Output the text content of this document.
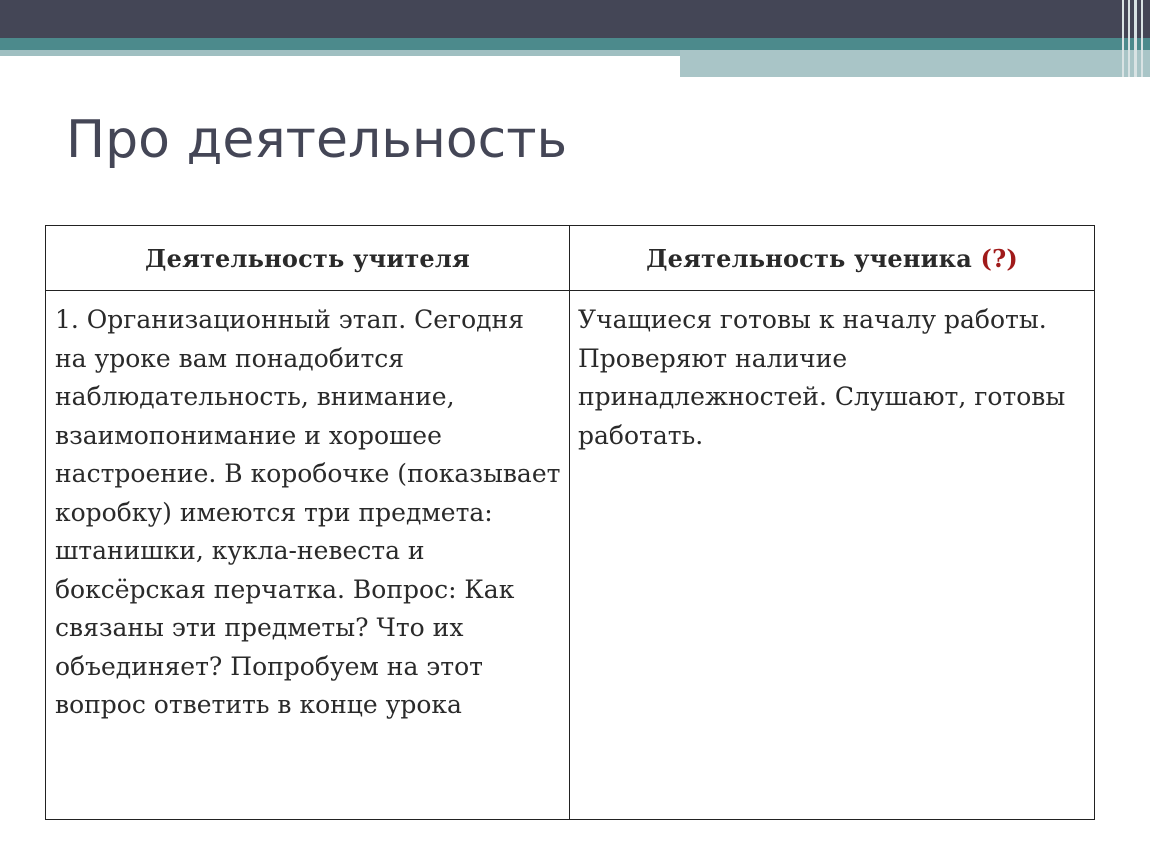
Про деятельность
Деятельность учителя	Деятельность ученика (?)
1. Организационный этап. Сегодня на уроке вам понадобится наблюдательность, внимание, взаимопонимание и хорошее настроение. В коробочке (показывает коробку) имеются три предмета: штанишки, кукла-невеста и боксёрская перчатка. Вопрос: Как связаны эти предметы? Что их объединяет? Попробуем на этот вопрос ответить в конце урока	Учащиеся готовы к началу работы. Проверяют наличие принадлежностей. Слушают, готовы работать.
